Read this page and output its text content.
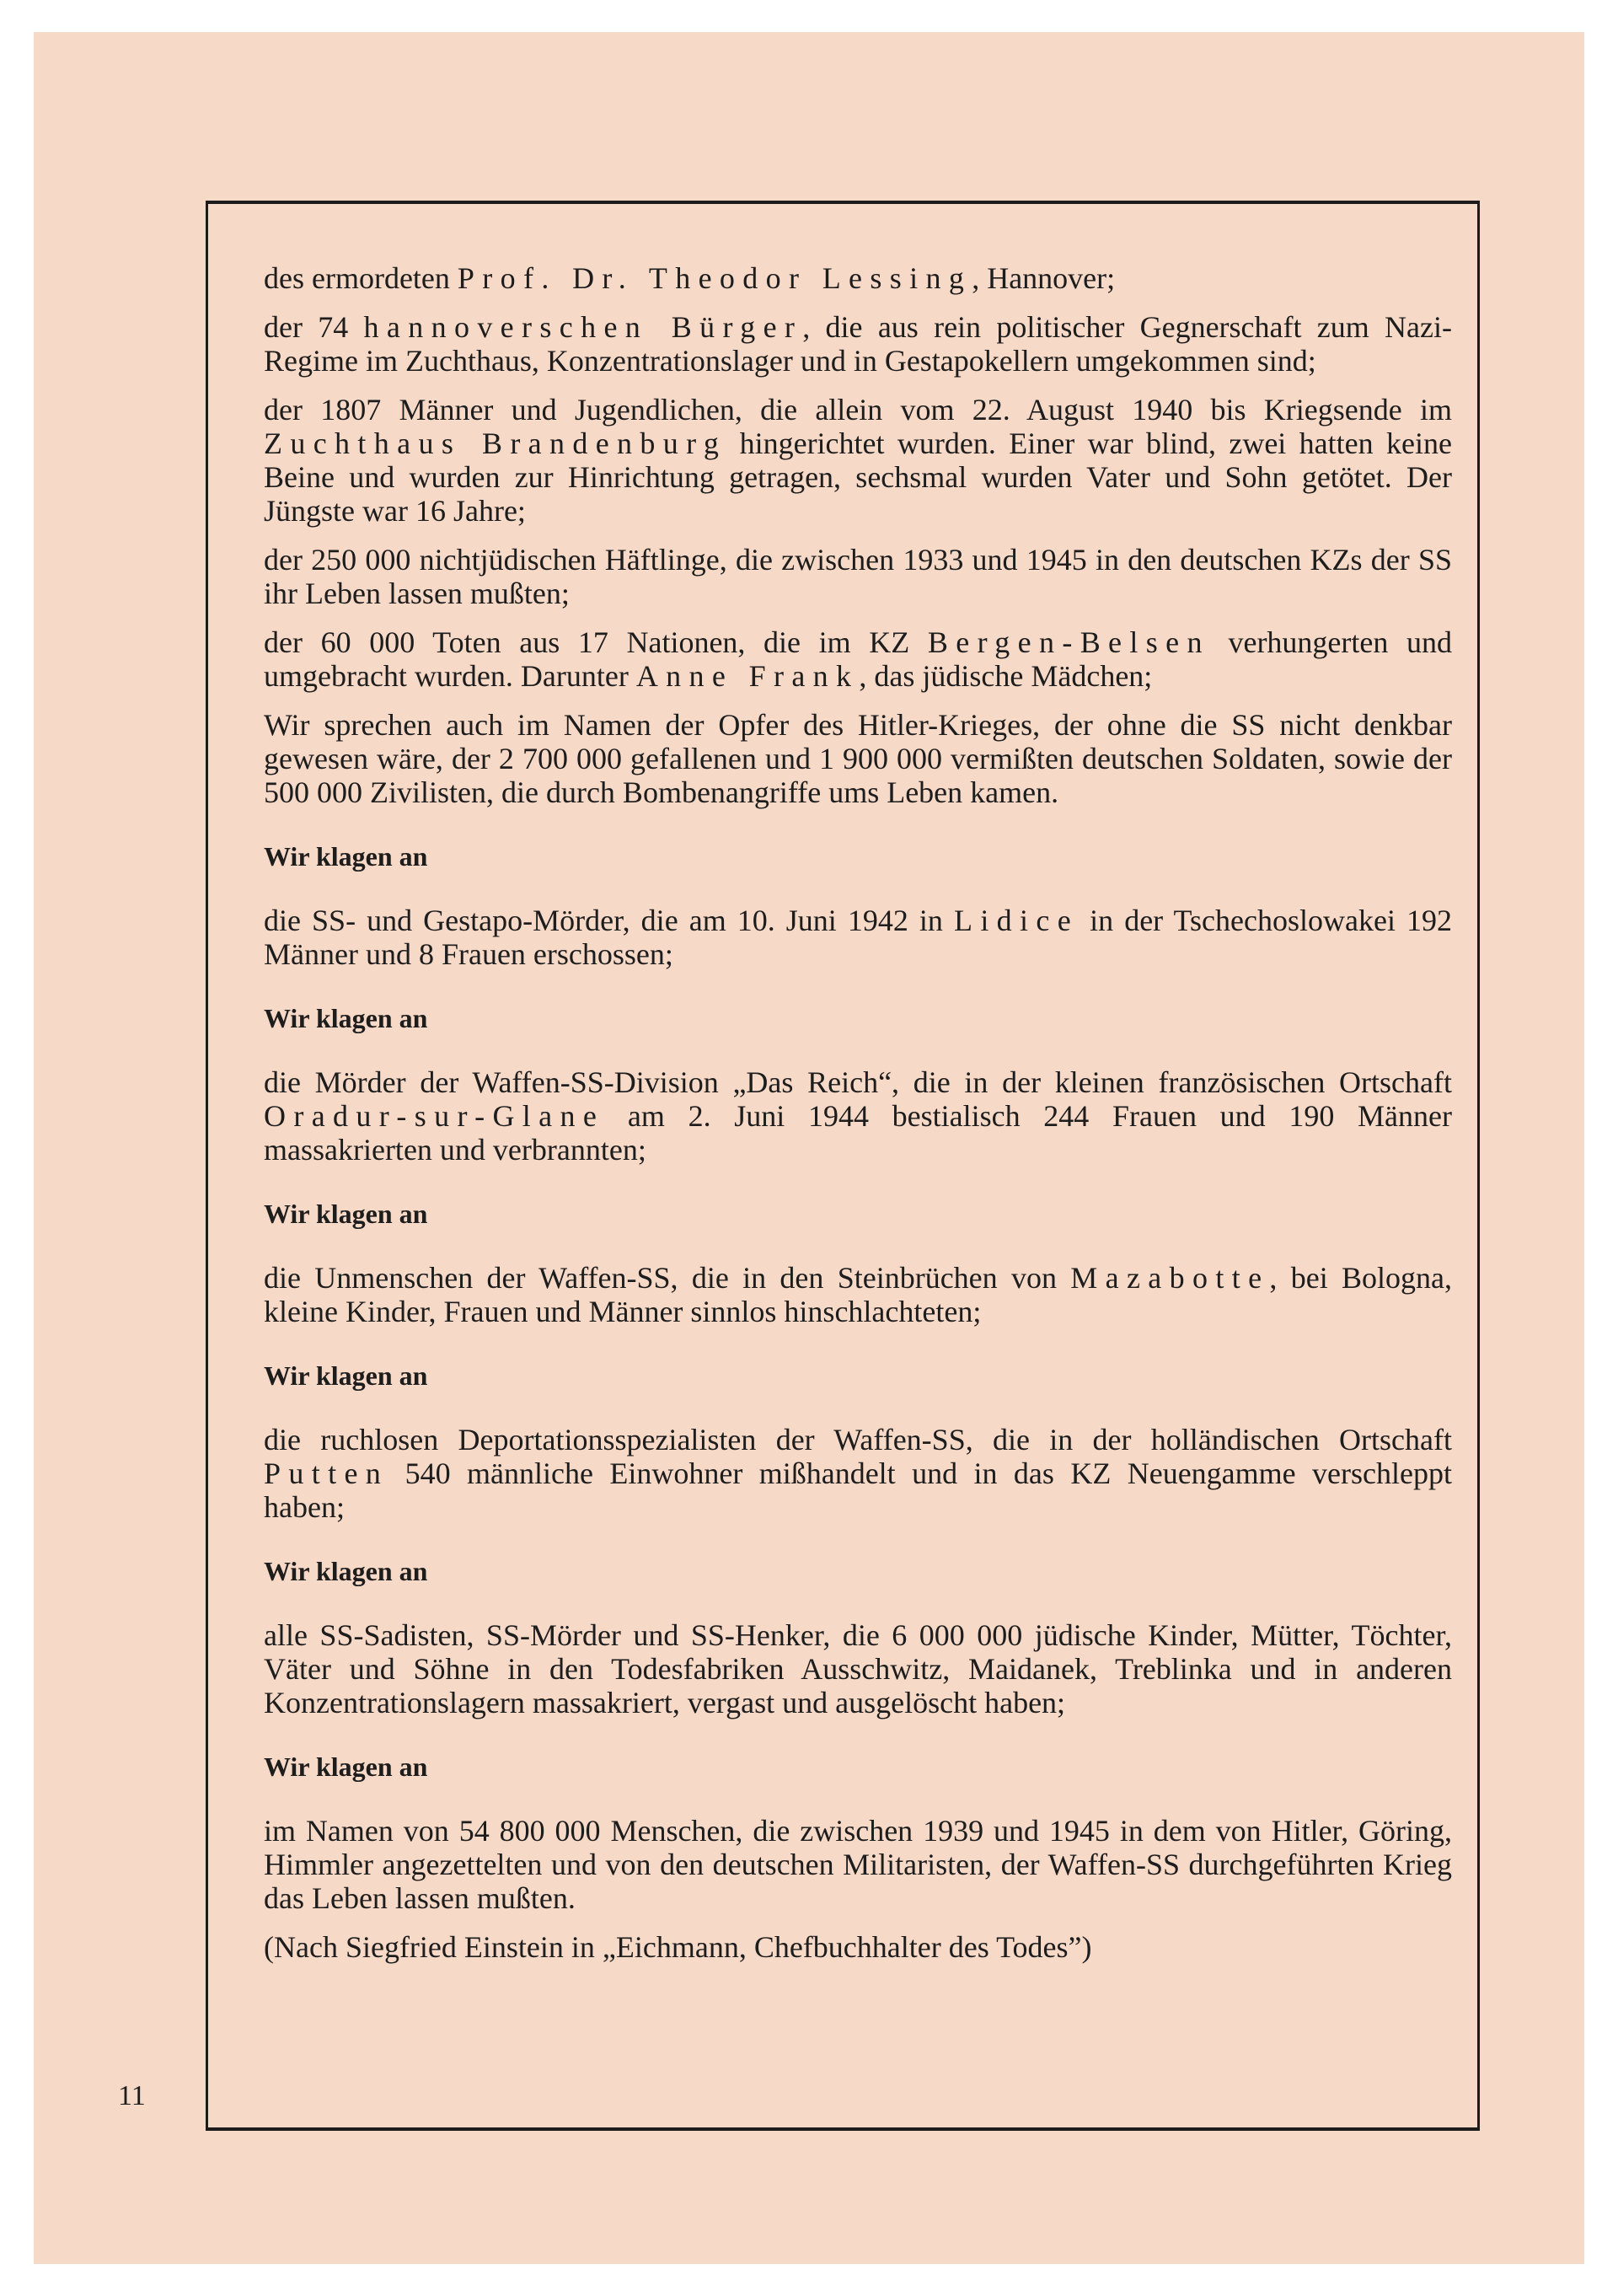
des ermordeten Prof. Dr. Theodor Lessing, Hannover;

der 74 hannoverschen Bürger, die aus rein politischer Gegnerschaft zum Nazi-Regime im Zuchthaus, Konzentrationslager und in Gestapokellern umgekommen sind;

der 1807 Männer und Jugendlichen, die allein vom 22. August 1940 bis Kriegsende im Zuchthaus Brandenburg hingerichtet wurden. Einer war blind, zwei hatten keine Beine und wurden zur Hinrichtung getragen, sechsmal wurden Vater und Sohn getötet. Der Jüngste war 16 Jahre;

der 250 000 nichtjüdischen Häftlinge, die zwischen 1933 und 1945 in den deutschen KZs der SS ihr Leben lassen mußten;

der 60 000 Toten aus 17 Nationen, die im KZ Bergen-Belsen verhungerten und umgebracht wurden. Darunter Anne Frank, das jüdische Mädchen;

Wir sprechen auch im Namen der Opfer des Hitler-Krieges, der ohne die SS nicht denkbar gewesen wäre, der 2 700 000 gefallenen und 1 900 000 vermißten deutschen Soldaten, sowie der 500 000 Zivilisten, die durch Bombenangriffe ums Leben kamen.

Wir klagen an

die SS- und Gestapo-Mörder, die am 10. Juni 1942 in Lidice in der Tschechoslowakei 192 Männer und 8 Frauen erschossen;

Wir klagen an

die Mörder der Waffen-SS-Division „Das Reich“, die in der kleinen französischen Ortschaft Oradur-sur-Glane am 2. Juni 1944 bestialisch 244 Frauen und 190 Männer massakrierten und verbrannten;

Wir klagen an

die Unmenschen der Waffen-SS, die in den Steinbrüchen von Mazabotte, bei Bologna, kleine Kinder, Frauen und Männer sinnlos hinschlachteten;

Wir klagen an

die ruchlosen Deportationsspezialisten der Waffen-SS, die in der holländischen Ortschaft Putten 540 männliche Einwohner mißhandelt und in das KZ Neuengamme verschleppt haben;

Wir klagen an

alle SS-Sadisten, SS-Mörder und SS-Henker, die 6 000 000 jüdische Kinder, Mütter, Töchter, Väter und Söhne in den Todesfabriken Ausschwitz, Maidanek, Treblinka und in anderen Konzentrationslagern massakriert, vergast und ausgelöscht haben;

Wir klagen an

im Namen von 54 800 000 Menschen, die zwischen 1939 und 1945 in dem von Hitler, Göring, Himmler angezettelten und von den deutschen Militaristen, der Waffen-SS durchgeführten Krieg das Leben lassen mußten.

(Nach Siegfried Einstein in „Eichmann, Chefbuchhalter des Todes”)

11
